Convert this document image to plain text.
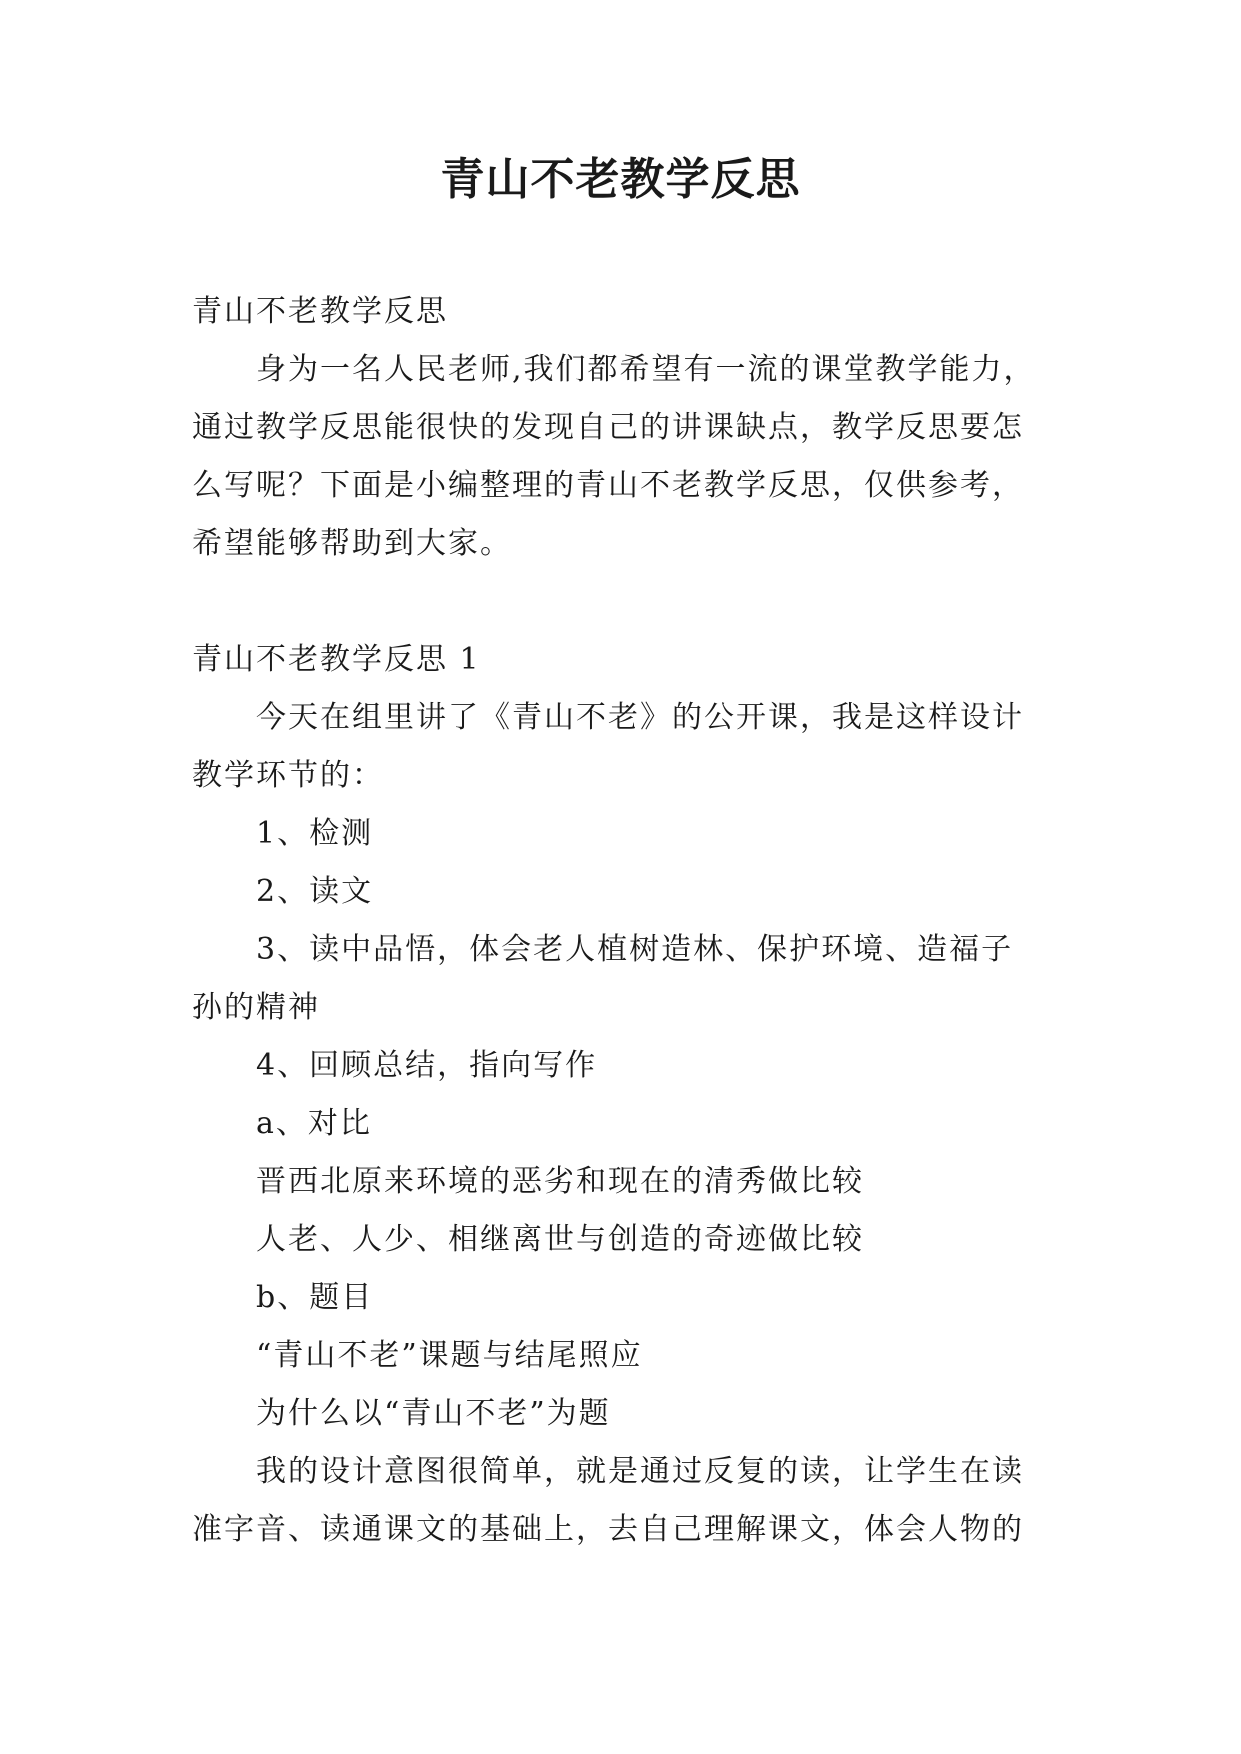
青山不老教学反思

青山不老教学反思

身为一名人民老师,我们都希望有一流的课堂教学能力，

通过教学反思能很快的发现自己的讲课缺点，教学反思要怎

么写呢？下面是小编整理的青山不老教学反思，仅供参考，

希望能够帮助到大家。

青山不老教学反思 1

今天在组里讲了《青山不老》的公开课，我是这样设计

教学环节的：

1、检测

2、读文

3、读中品悟，体会老人植树造林、保护环境、造福子

孙的精神

4、回顾总结，指向写作

a、对比

晋西北原来环境的恶劣和现在的清秀做比较

人老、人少、相继离世与创造的奇迹做比较

b、题目

“青山不老”课题与结尾照应

为什么以“青山不老”为题

我的设计意图很简单，就是通过反复的读，让学生在读

准字音、读通课文的基础上，去自己理解课文，体会人物的
